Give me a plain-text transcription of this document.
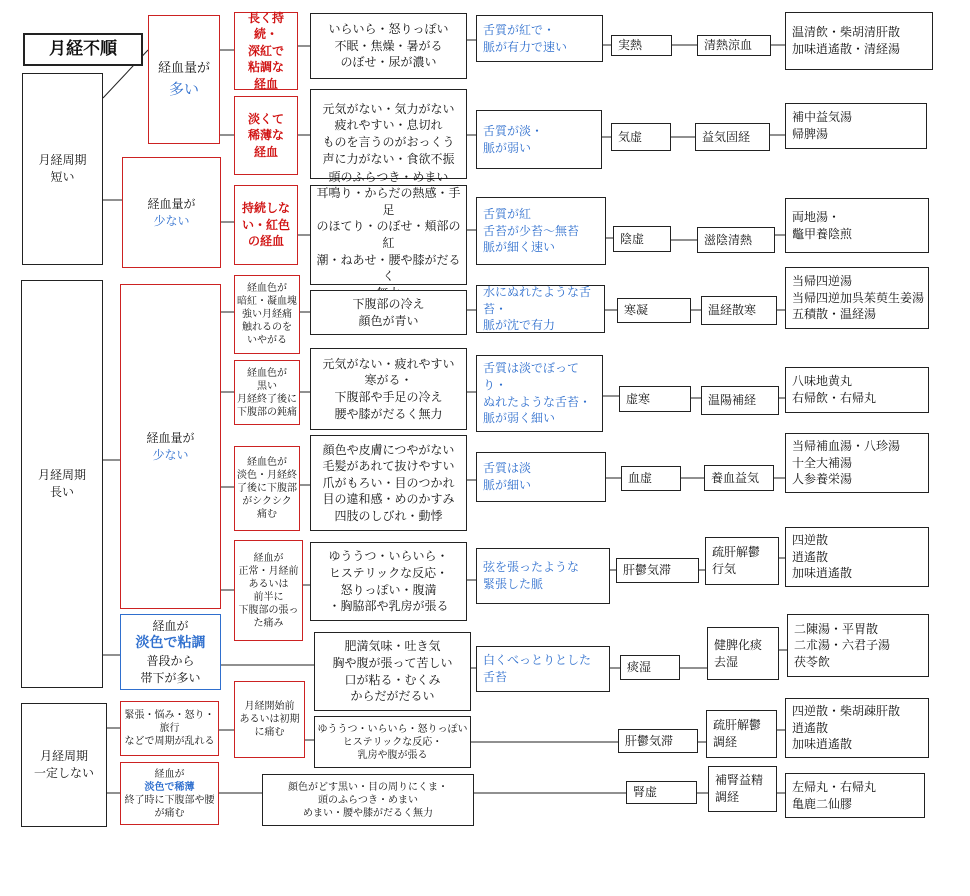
月経不順
月経周期
短い
月経周期
長い
月経周期
一定しない
経血量が
多い
経血量が
少ない
経血量が
少ない
経血が
淡色で粘調
普段から
帯下が多い
緊張・悩み・怒り・旅行
などで周期が乱れる
経血が
淡色で稀薄
終了時に下腹部や腰
が痛む
長く持続・
深紅で
粘調な
経血
淡くて
稀薄な
経血
持続しな
い・紅色
の経血
経血色が
暗紅・凝血塊
強い月経痛
触れるのを
いやがる
経血色が
黒い
月経終了後に
下腹部の鈍痛
経血色が
淡色・月経終
了後に下腹部
がシクシク
痛む
経血が
正常・月経前
あるいは
前半に
下腹部の張っ
た痛み
月経開始前
あるいは初期
に痛む
いらいら・怒りっぽい
不眠・焦燥・暑がる
のぼせ・尿が濃い
元気がない・気力がない
疲れやすい・息切れ
ものを言うのがおっくう
声に力がない・食欲不振

耳鳴り・からだの熱感・手足
のほてり・のぼせ・頬部の紅
潮・ねあせ・腰や膝がだるく

下腹部の冷え
顔色が青い
元気がない・疲れやすい
寒がる・
下腹部や手足の冷え
腰や膝がだるく無力
顔色や皮膚につやがない
毛髪があれて抜けやすい
爪がもろい・目のつかれ
目の違和感・めのかすみ
四肢のしびれ・動悸
ゆううつ・いらいら・
ヒステリックな反応・
怒りっぽい・腹満
・胸脇部や乳房が張る
肥満気味・吐き気
胸や腹が張って苦しい
口が粘る・むくみ
からだがだるい
ゆううつ・いらいら・怒りっぽい
ヒステリックな反応・
乳房や腹が張る
顔色がどす黒い・目の周りにくま・
頭のふらつき・めまい
めまい・腰や膝がだるく無力
舌質が紅で・
脈が有力で速い
舌質が淡・
脈が弱い
舌質が紅
舌苔が少苔～無苔
脈が細く速い
水にぬれたような舌苔・
脈が沈で有力
舌質は淡でぼってり・
ぬれたような舌苔・
脈が弱く細い
舌質は淡
脈が細い
弦を張ったような
緊張した脈
白くべっとりとした
舌苔
実熱
気虚
陰虚
寒凝
虚寒
血虚
肝鬱気滞
痰湿
肝鬱気滞
腎虚
清熱涼血
益気固経
滋陰清熱
温経散寒
温陽補経
養血益気
疏肝解鬱
行気
健脾化痰
去湿
疏肝解鬱
調経
補腎益精
調経
温清飲・柴胡清肝散
加味逍遙散・清経湯
補中益気湯
帰脾湯
両地湯・
鼈甲養陰煎
当帰四逆湯
当帰四逆加呉茱萸生姜湯
五積散・温経湯
八味地黄丸
右帰飲・右帰丸
当帰補血湯・八珍湯
十全大補湯
人参養栄湯
四逆散
逍遙散
加味逍遙散
二陳湯・平胃散
二朮湯・六君子湯
茯苓飲
四逆散・柴胡疎肝散
逍遙散
加味逍遙散
左帰丸・右帰丸
亀鹿二仙膠
